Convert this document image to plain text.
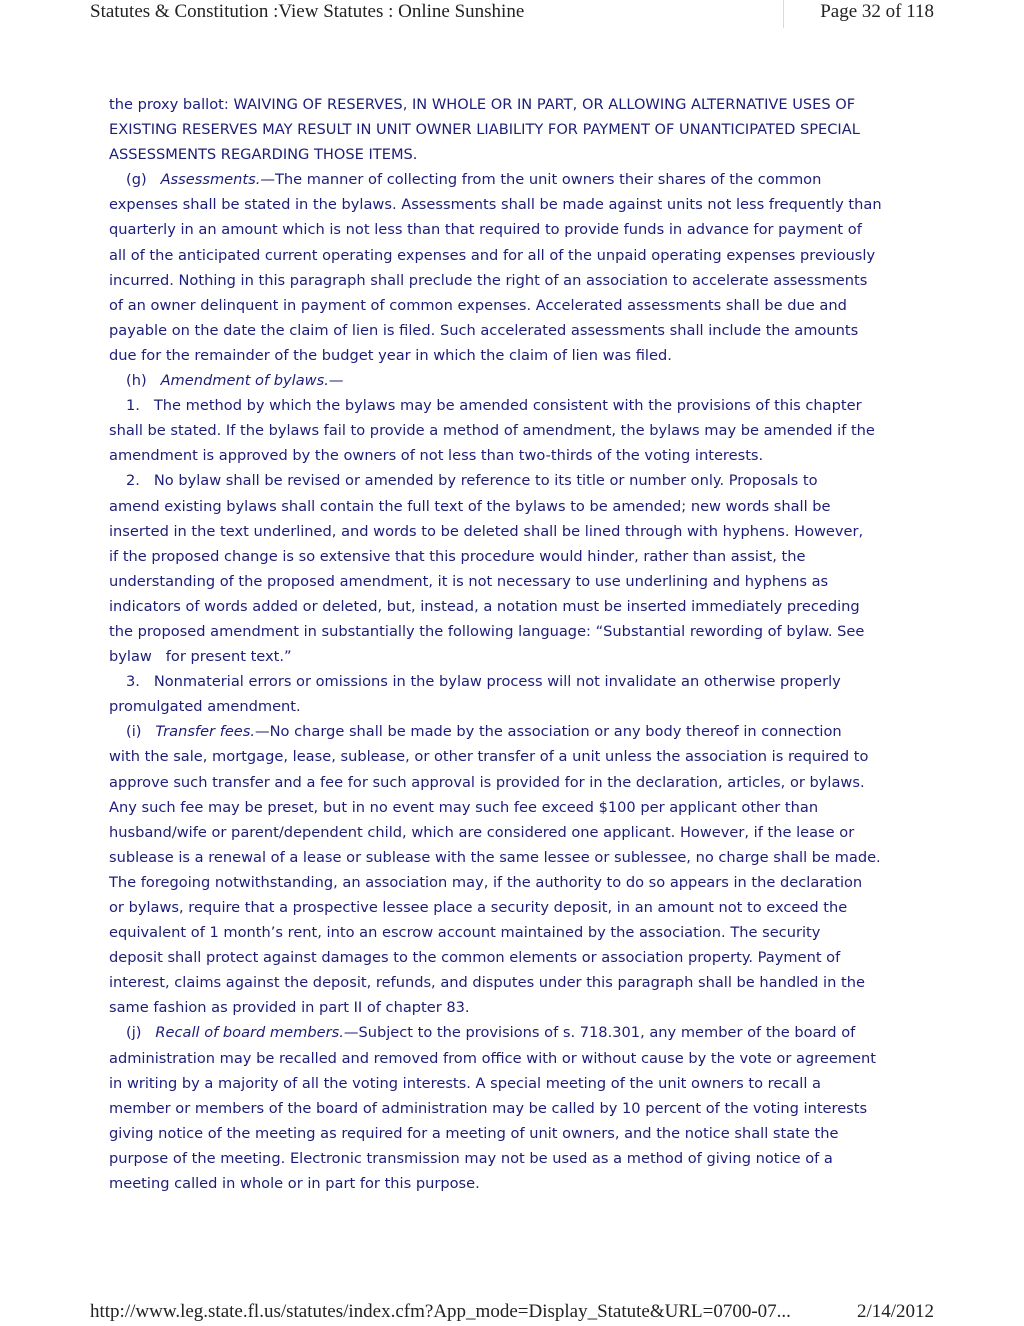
Statutes & Constitution :View Statutes : Online Sunshine	Page 32 of 118
the proxy ballot: WAIVING OF RESERVES, IN WHOLE OR IN PART, OR ALLOWING ALTERNATIVE USES OF
EXISTING RESERVES MAY RESULT IN UNIT OWNER LIABILITY FOR PAYMENT OF UNANTICIPATED SPECIAL
ASSESSMENTS REGARDING THOSE ITEMS.
(g)   Assessments.—The manner of collecting from the unit owners their shares of the common
expenses shall be stated in the bylaws. Assessments shall be made against units not less frequently than
quarterly in an amount which is not less than that required to provide funds in advance for payment of
all of the anticipated current operating expenses and for all of the unpaid operating expenses previously
incurred. Nothing in this paragraph shall preclude the right of an association to accelerate assessments
of an owner delinquent in payment of common expenses. Accelerated assessments shall be due and
payable on the date the claim of lien is filed. Such accelerated assessments shall include the amounts
due for the remainder of the budget year in which the claim of lien was filed.
(h)   Amendment of bylaws.—
1.   The method by which the bylaws may be amended consistent with the provisions of this chapter
shall be stated. If the bylaws fail to provide a method of amendment, the bylaws may be amended if the
amendment is approved by the owners of not less than two-thirds of the voting interests.
2.   No bylaw shall be revised or amended by reference to its title or number only. Proposals to
amend existing bylaws shall contain the full text of the bylaws to be amended; new words shall be
inserted in the text underlined, and words to be deleted shall be lined through with hyphens. However,
if the proposed change is so extensive that this procedure would hinder, rather than assist, the
understanding of the proposed amendment, it is not necessary to use underlining and hyphens as
indicators of words added or deleted, but, instead, a notation must be inserted immediately preceding
the proposed amendment in substantially the following language: “Substantial rewording of bylaw. See
bylaw   for present text.”
3.   Nonmaterial errors or omissions in the bylaw process will not invalidate an otherwise properly
promulgated amendment.
(i)   Transfer fees.—No charge shall be made by the association or any body thereof in connection
with the sale, mortgage, lease, sublease, or other transfer of a unit unless the association is required to
approve such transfer and a fee for such approval is provided for in the declaration, articles, or bylaws.
Any such fee may be preset, but in no event may such fee exceed $100 per applicant other than
husband/wife or parent/dependent child, which are considered one applicant. However, if the lease or
sublease is a renewal of a lease or sublease with the same lessee or sublessee, no charge shall be made.
The foregoing notwithstanding, an association may, if the authority to do so appears in the declaration
or bylaws, require that a prospective lessee place a security deposit, in an amount not to exceed the
equivalent of 1 month’s rent, into an escrow account maintained by the association. The security
deposit shall protect against damages to the common elements or association property. Payment of
interest, claims against the deposit, refunds, and disputes under this paragraph shall be handled in the
same fashion as provided in part II of chapter 83.
(j)   Recall of board members.—Subject to the provisions of s. 718.301, any member of the board of
administration may be recalled and removed from office with or without cause by the vote or agreement
in writing by a majority of all the voting interests. A special meeting of the unit owners to recall a
member or members of the board of administration may be called by 10 percent of the voting interests
giving notice of the meeting as required for a meeting of unit owners, and the notice shall state the
purpose of the meeting. Electronic transmission may not be used as a method of giving notice of a
meeting called in whole or in part for this purpose.
http://www.leg.state.fl.us/statutes/index.cfm?App_mode=Display_Statute&URL=0700-07...	2/14/2012
